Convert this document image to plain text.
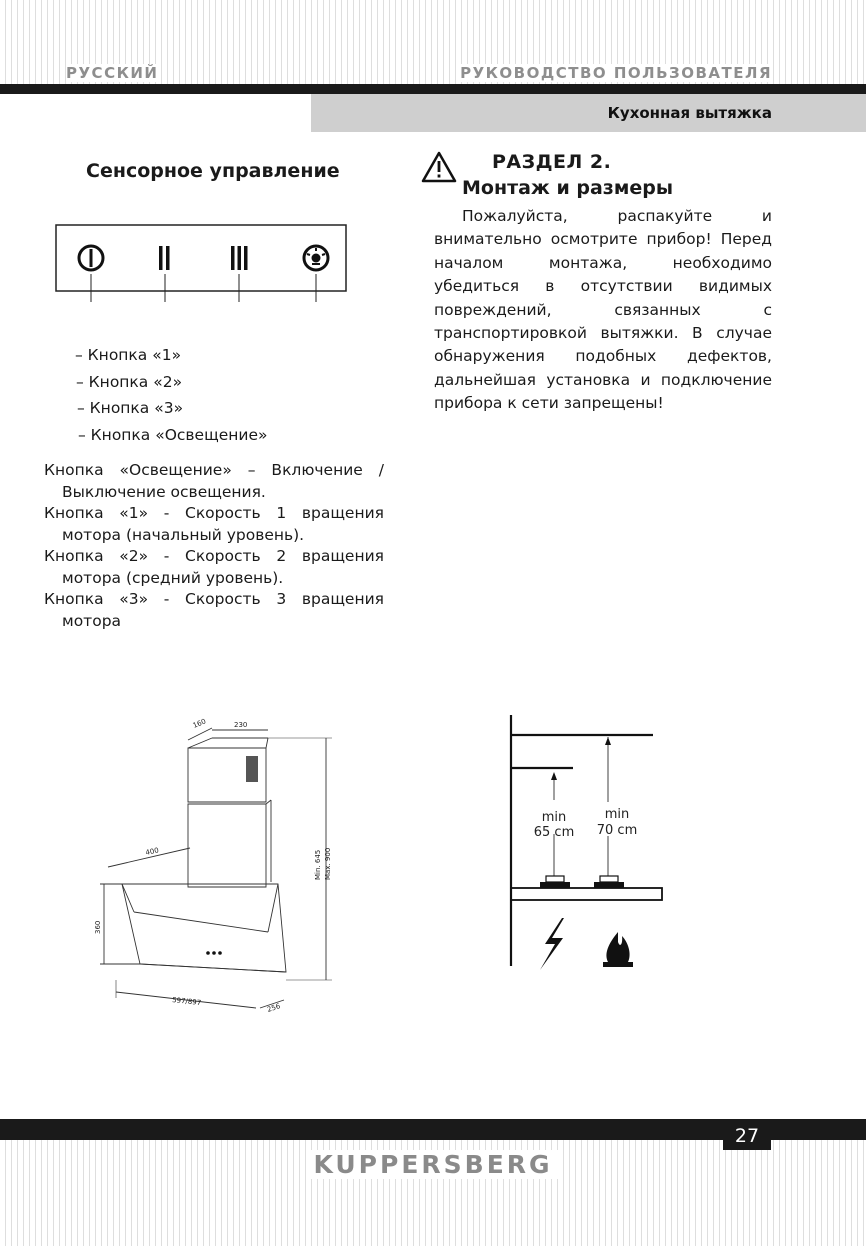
РУССКИЙ	РУКОВОДСТВО ПОЛЬЗОВАТЕЛЯ
Кухонная вытяжка
Сенсорное управление
– Кнопка «1»
– Кнопка «2»
– Кнопка «3»
– Кнопка «Освещение»

Кнопка «Освещение» – Включение / Выключение освещения.

Кнопка «1» - Скорость 1 вращения мотора (начальный уровень).

Кнопка «2» - Скорость 2 вращения мотора (средний уровень).

Кнопка «3» - Скорость 3 вращения мотора

РАЗДЕЛ 2.
Монтаж и размеры

Пожалуйста, распакуйте и внимательно осмотрите прибор! Перед началом монтажа, необходимо убедиться в отсутствии видимых повреждений, связанных с транспортировкой вытяжки. В случае обнаружения подобных дефектов, дальнейшая установка и подключение прибора к сети запрещены!

160	230
Min. 645 Max. 900
400
360
597/897
256
min
65 cm
min
70 cm
27
KUPPERSBERG
